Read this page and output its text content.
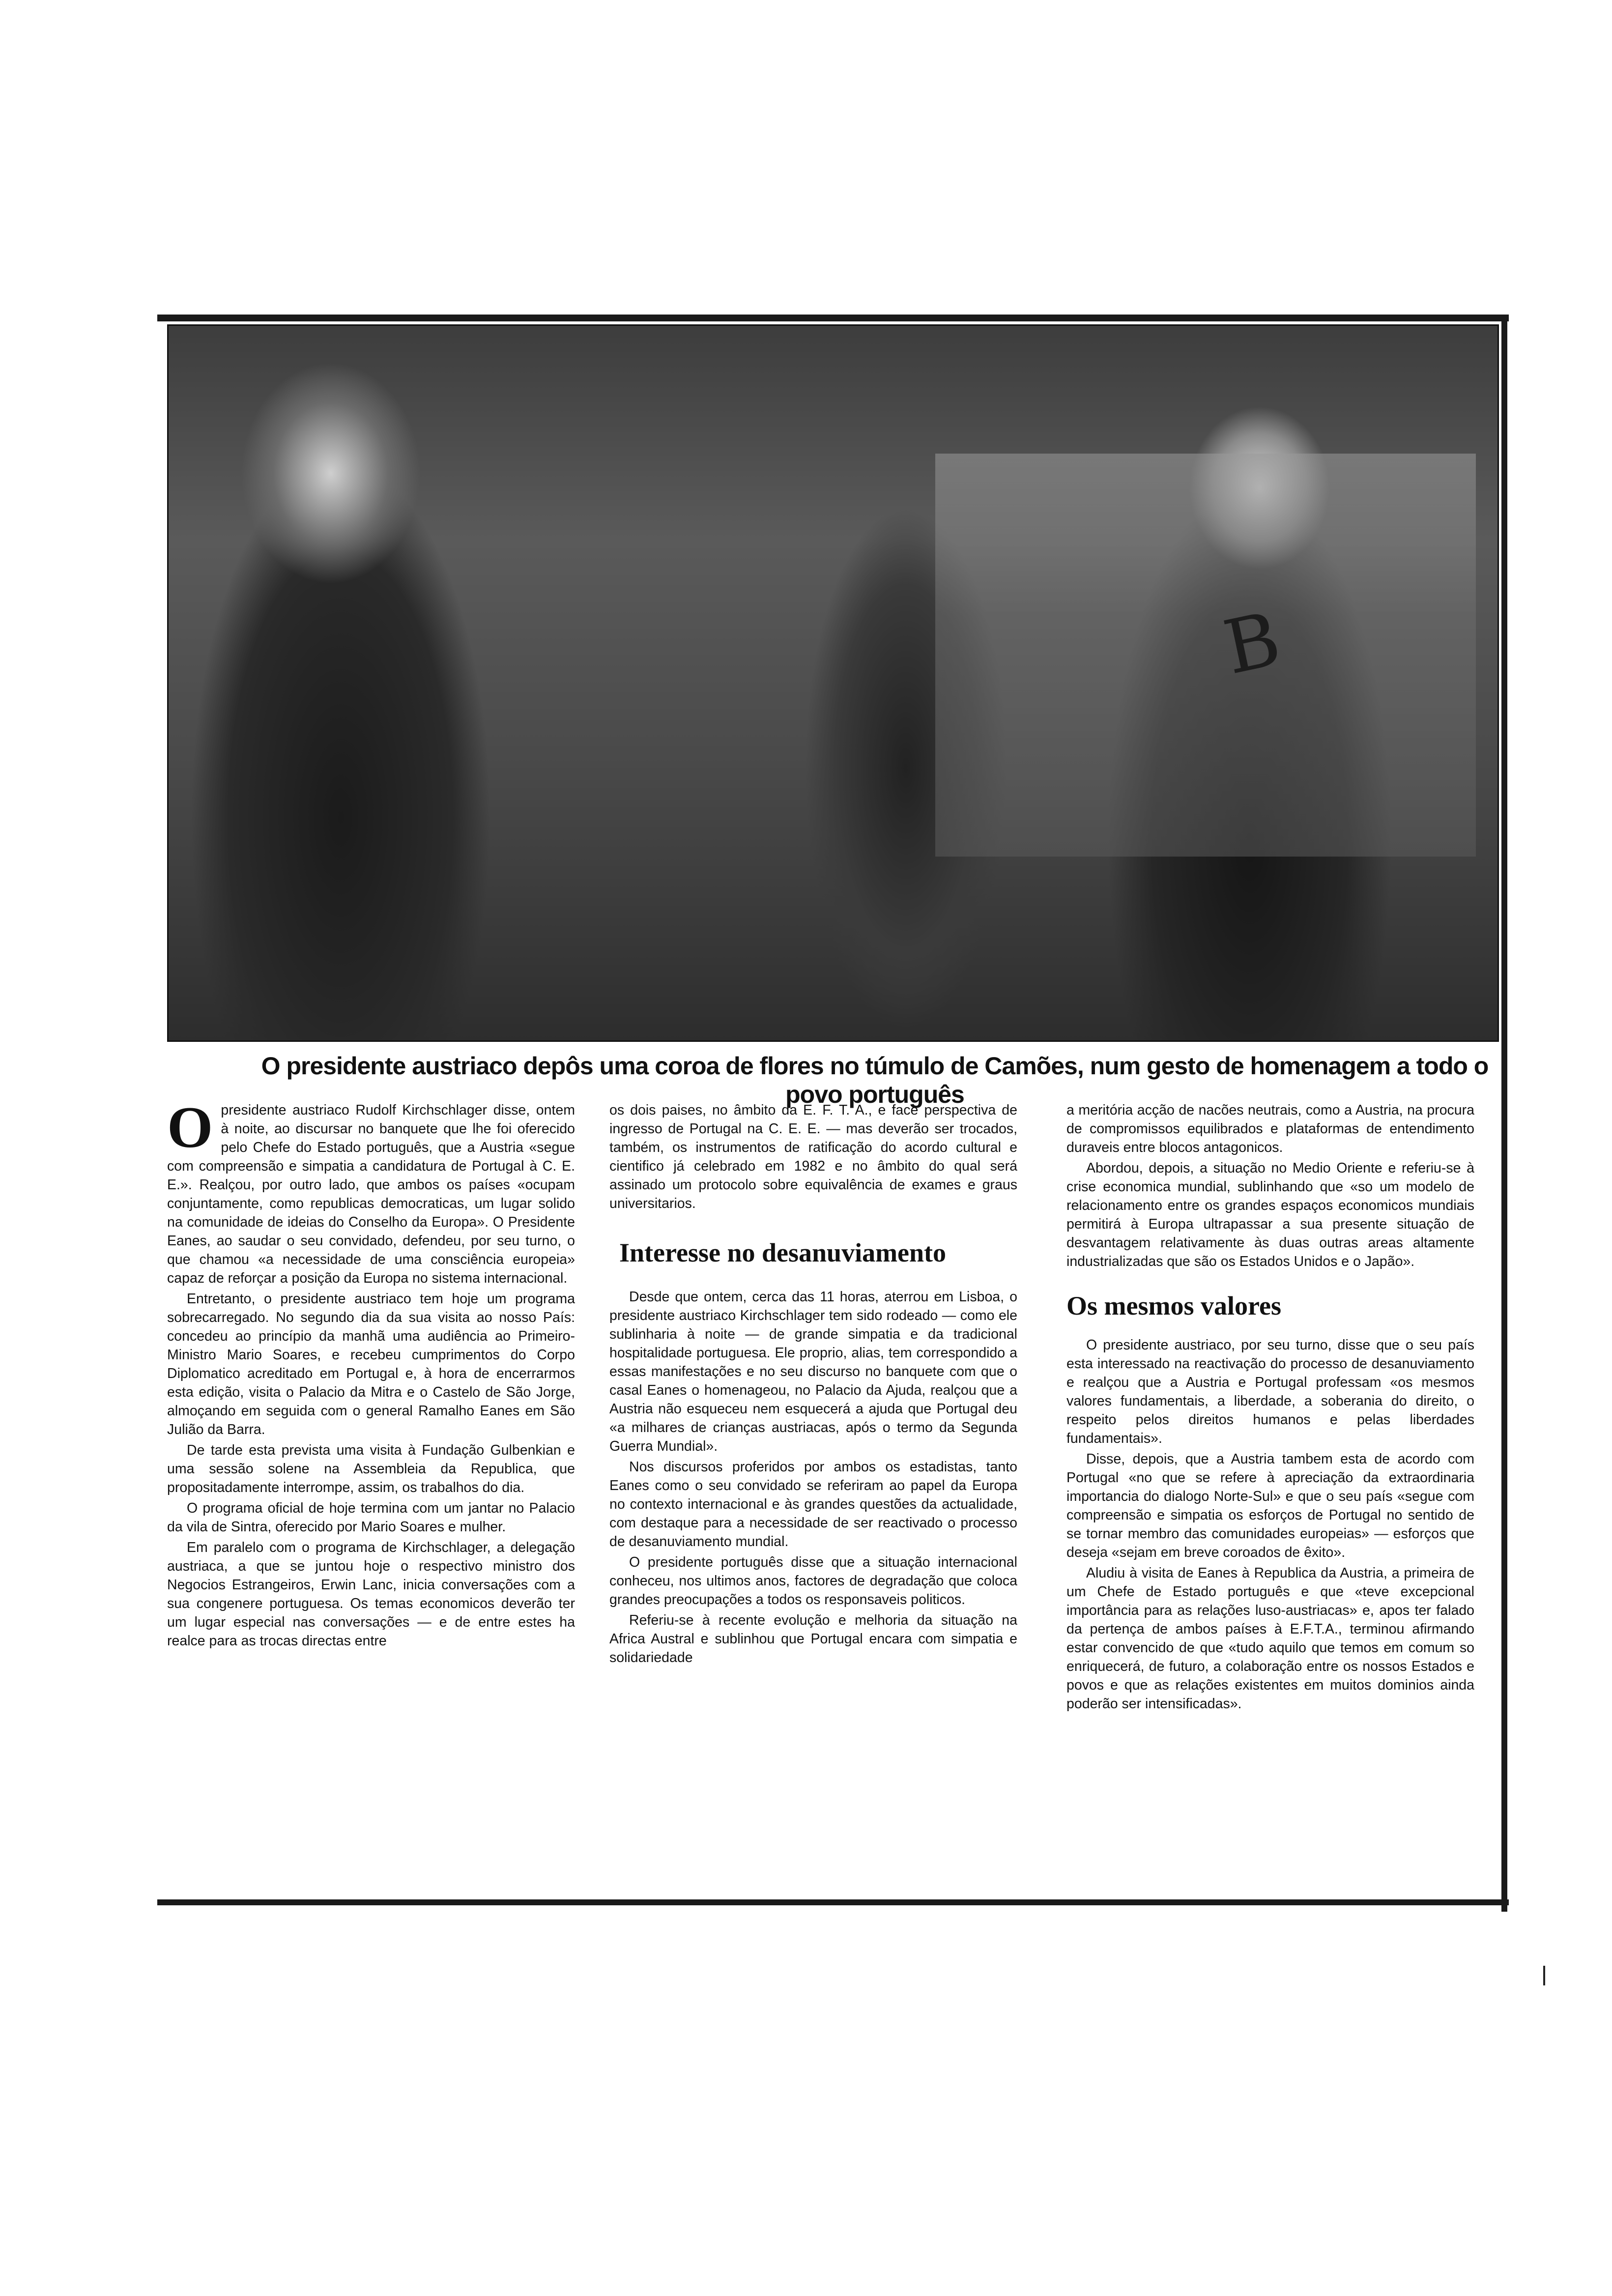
B
O presidente austriaco depôs uma coroa de flores no túmulo de Camões, num gesto de homenagem a todo o povo português

Opresidente austriaco Rudolf Kirchschlager disse, ontem à noite, ao discursar no banquete que lhe foi oferecido pelo Chefe do Estado português, que a Austria «segue com compreensão e simpatia a candidatura de Portugal à C. E. E.». Realçou, por outro lado, que ambos os países «ocupam conjuntamente, como republicas democraticas, um lugar solido na comunidade de ideias do Conselho da Europa». O Presidente Eanes, ao saudar o seu convidado, defendeu, por seu turno, o que chamou «a necessidade de uma consciência europeia» capaz de reforçar a posição da Europa no sistema internacional.

Entretanto, o presidente austriaco tem hoje um programa sobrecarregado. No segundo dia da sua visita ao nosso País: concedeu ao princípio da manhã uma audiência ao Primeiro-Ministro Mario Soares, e recebeu cumprimentos do Corpo Diplomatico acreditado em Portugal e, à hora de encerrarmos esta edição, visita o Palacio da Mitra e o Castelo de São Jorge, almoçando em seguida com o general Ramalho Eanes em São Julião da Barra.

De tarde esta prevista uma visita à Fundação Gulbenkian e uma sessão solene na Assembleia da Republica, que propositadamente interrompe, assim, os trabalhos do dia.

O programa oficial de hoje termina com um jantar no Palacio da vila de Sintra, oferecido por Mario Soares e mulher.

Em paralelo com o programa de Kirchschlager, a delegação austriaca, a que se juntou hoje o respectivo ministro dos Negocios Estrangeiros, Erwin Lanc, inicia conversações com a sua congenere portuguesa. Os temas economicos deverão ter um lugar especial nas conversações — e de entre estes ha realce para as trocas directas entre

os dois paises, no âmbito da E. F. T. A., e face perspectiva de ingresso de Portugal na C. E. E. — mas deverão ser trocados, também, os instrumentos de ratificação do acordo cultural e cientifico já celebrado em 1982 e no âmbito do qual será assinado um protocolo sobre equivalência de exames e graus universitarios.

Interesse no desanuviamento

Desde que ontem, cerca das 11 horas, aterrou em Lisboa, o presidente austriaco Kirchschlager tem sido rodeado — como ele sublinharia à noite — de grande simpatia e da tradicional hospitalidade portuguesa. Ele proprio, alias, tem correspondido a essas manifestações e no seu discurso no banquete com que o casal Eanes o homenageou, no Palacio da Ajuda, realçou que a Austria não esqueceu nem esquecerá a ajuda que Portugal deu «a milhares de crianças austriacas, após o termo da Segunda Guerra Mundial».

Nos discursos proferidos por ambos os estadistas, tanto Eanes como o seu convidado se referiram ao papel da Europa no contexto internacional e às grandes questões da actualidade, com destaque para a necessidade de ser reactivado o processo de desanuviamento mundial.

O presidente português disse que a situação internacional conheceu, nos ultimos anos, factores de degradação que coloca grandes preocupações a todos os responsaveis politicos.

Referiu-se à recente evolução e melhoria da situação na Africa Austral e sublinhou que Portugal encara com simpatia e solidariedade

a meritória acção de nacões neutrais, como a Austria, na procura de compromissos equilibrados e plataformas de entendimento duraveis entre blocos antagonicos.

Abordou, depois, a situação no Medio Oriente e referiu-se à crise economica mundial, sublinhando que «so um modelo de relacionamento entre os grandes espaços economicos mundiais permitirá à Europa ultrapassar a sua presente situação de desvantagem relativamente às duas outras areas altamente industrializadas que são os Estados Unidos e o Japão».

Os mesmos valores

O presidente austriaco, por seu turno, disse que o seu país esta interessado na reactivação do processo de desanuviamento e realçou que a Austria e Portugal professam «os mesmos valores fundamentais, a liberdade, a soberania do direito, o respeito pelos direitos humanos e pelas liberdades fundamentais».

Disse, depois, que a Austria tambem esta de acordo com Portugal «no que se refere à apreciação da extraordinaria importancia do dialogo Norte-Sul» e que o seu país «segue com compreensão e simpatia os esforços de Portugal no sentido de se tornar membro das comunidades europeias» — esforços que deseja «sejam em breve coroados de êxito».

Aludiu à visita de Eanes à Republica da Austria, a primeira de um Chefe de Estado português e que «teve excepcional importância para as relações luso-austriacas» e, apos ter falado da pertença de ambos países à E.F.T.A., terminou afirmando estar convencido de que «tudo aquilo que temos em comum so enriquecerá, de futuro, a colaboração entre os nossos Estados e povos e que as relações existentes em muitos dominios ainda poderão ser intensificadas».
